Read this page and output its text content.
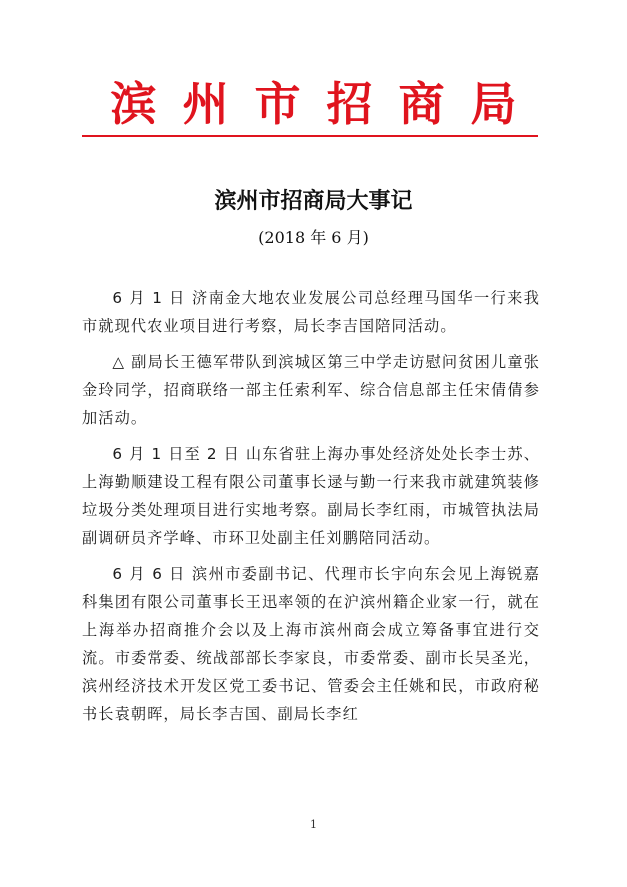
滨州市招商局
滨州市招商局大事记
(2018 年 6 月)

6 月 1 日 济南金大地农业发展公司总经理马国华一行来我市就现代农业项目进行考察，局长李吉国陪同活动。

△ 副局长王德军带队到滨城区第三中学走访慰问贫困儿童张金玲同学，招商联络一部主任索利军、综合信息部主任宋倩倩参加活动。

6 月 1 日至 2 日 山东省驻上海办事处经济处处长李士苏、上海勤顺建设工程有限公司董事长逯与勤一行来我市就建筑装修垃圾分类处理项目进行实地考察。副局长李红雨，市城管执法局副调研员齐学峰、市环卫处副主任刘鹏陪同活动。

6 月 6 日 滨州市委副书记、代理市长宇向东会见上海锐嘉科集团有限公司董事长王迅率领的在沪滨州籍企业家一行，就在上海举办招商推介会以及上海市滨州商会成立筹备事宜进行交流。市委常委、统战部部长李家良，市委常委、副市长吴圣光，滨州经济技术开发区党工委书记、管委会主任姚和民，市政府秘书长袁朝晖，局长李吉国、副局长李红

1
